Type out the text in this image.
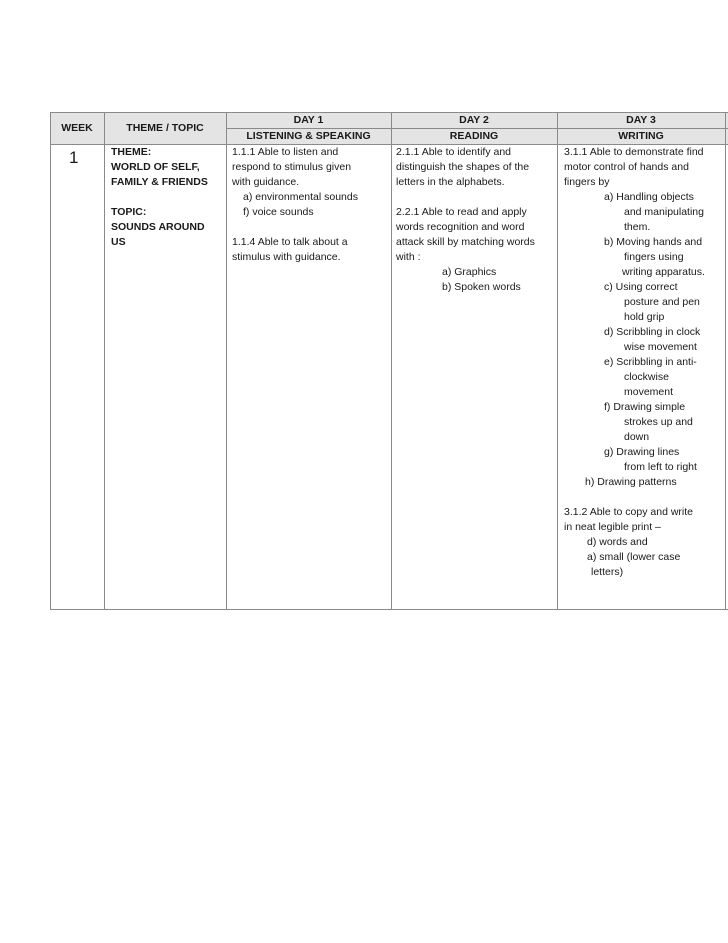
WEEK	THEME / TOPIC
DAY 1
LISTENING & SPEAKING
DAY 2
READING
DAY 3
WRITING
1	THEME:
WORLD OF SELF,
FAMILY & FRIENDS
TOPIC:
SOUNDS AROUND
US
1.1.1 Able to listen and
respond to stimulus given
with guidance.
a) environmental sounds
f) voice sounds
1.1.4 Able to talk about a
stimulus with guidance.
2.1.1 Able to identify and
distinguish the shapes of the
letters in the alphabets.
2.2.1 Able to read and apply
words recognition and word
attack skill by matching words
with :
a) Graphics
b) Spoken words
3.1.1 Able to demonstrate find
motor control of hands and
fingers by
a) Handling objects
and manipulating
them.
b) Moving hands and
fingers using
writing apparatus.
c) Using correct
posture and pen
hold grip
d) Scribbling in clock
wise movement
e) Scribbling in anti-
clockwise
movement
f) Drawing simple
strokes up and
down
g) Drawing lines
from left to right
h) Drawing patterns
3.1.2 Able to copy and write
in neat legible print –
d) words and
a) small (lower case
letters)
